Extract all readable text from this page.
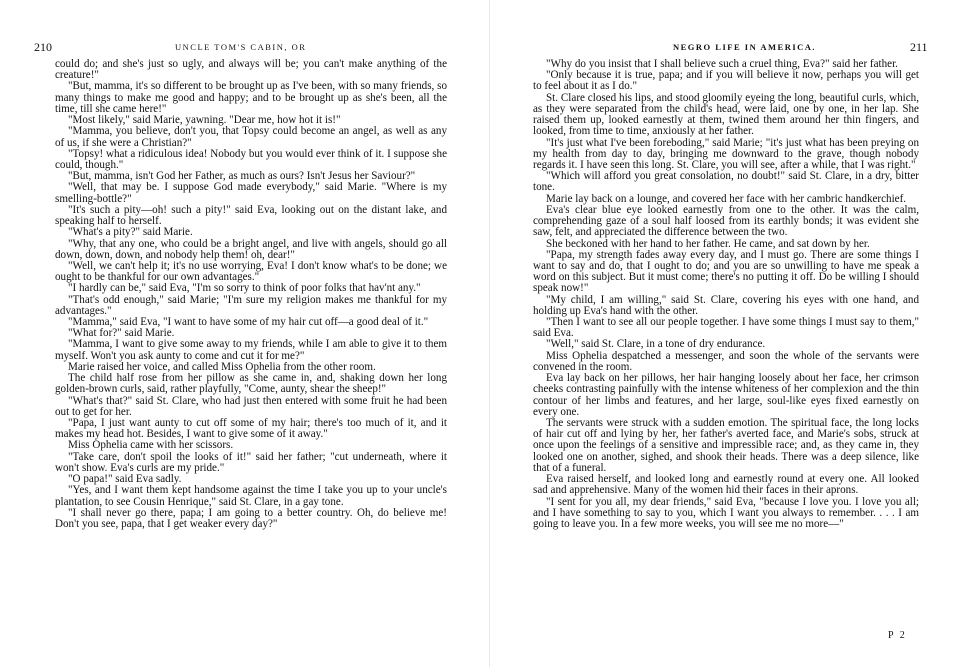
210	UNCLE TOM'S CABIN, OR

could do; and she's just so ugly, and always will be; you can't make anything of the creature!"

"But, mamma, it's so different to be brought up as I've been, with so many friends, so many things to make me good and happy; and to be brought up as she's been, all the time, till she came here!"

"Most likely," said Marie, yawning. "Dear me, how hot it is!"

"Mamma, you believe, don't you, that Topsy could become an angel, as well as any of us, if she were a Christian?"

"Topsy! what a ridiculous idea! Nobody but you would ever think of it. I suppose she could, though."

"But, mamma, isn't God her Father, as much as ours? Isn't Jesus her Saviour?"

"Well, that may be. I suppose God made everybody," said Marie. "Where is my smelling-bottle?"

"It's such a pity—oh! such a pity!" said Eva, looking out on the distant lake, and speaking half to herself.

"What's a pity?" said Marie.

"Why, that any one, who could be a bright angel, and live with angels, should go all down, down, down, and nobody help them! oh, dear!"

"Well, we can't help it; it's no use worrying, Eva! I don't know what's to be done; we ought to be thankful for our own advantages."

"I hardly can be," said Eva, "I'm so sorry to think of poor folks that hav'nt any."

"That's odd enough," said Marie; "I'm sure my religion makes me thankful for my advantages."

"Mamma," said Eva, "I want to have some of my hair cut off—a good deal of it."

"What for?" said Marie.

"Mamma, I want to give some away to my friends, while I am able to give it to them myself. Won't you ask aunty to come and cut it for me?"

Marie raised her voice, and called Miss Ophelia from the other room.

The child half rose from her pillow as she came in, and, shaking down her long golden-brown curls, said, rather playfully, "Come, aunty, shear the sheep!"

"What's that?" said St. Clare, who had just then entered with some fruit he had been out to get for her.

"Papa, I just want aunty to cut off some of my hair; there's too much of it, and it makes my head hot. Besides, I want to give some of it away."

Miss Ophelia came with her scissors.

"Take care, don't spoil the looks of it!" said her father; "cut underneath, where it won't show. Eva's curls are my pride."

"O papa!" said Eva sadly.

"Yes, and I want them kept handsome against the time I take you up to your uncle's plantation, to see Cousin Henrique," said St. Clare, in a gay tone.

"I shall never go there, papa; I am going to a better country. Oh, do believe me! Don't you see, papa, that I get weaker every day?"

NEGRO LIFE IN AMERICA.	211

"Why do you insist that I shall believe such a cruel thing, Eva?" said her father.

"Only because it is true, papa; and if you will believe it now, perhaps you will get to feel about it as I do."

St. Clare closed his lips, and stood gloomily eyeing the long, beautiful curls, which, as they were separated from the child's head, were laid, one by one, in her lap. She raised them up, looked earnestly at them, twined them around her thin fingers, and looked, from time to time, anxiously at her father.

"It's just what I've been foreboding," said Marie; "it's just what has been preying on my health from day to day, bringing me downward to the grave, though nobody regards it. I have seen this long. St. Clare, you will see, after a while, that I was right."

"Which will afford you great consolation, no doubt!" said St. Clare, in a dry, bitter tone.

Marie lay back on a lounge, and covered her face with her cambric handkerchief.

Eva's clear blue eye looked earnestly from one to the other. It was the calm, comprehending gaze of a soul half loosed from its earthly bonds; it was evident she saw, felt, and appreciated the difference between the two.

She beckoned with her hand to her father. He came, and sat down by her.

"Papa, my strength fades away every day, and I must go. There are some things I want to say and do, that I ought to do; and you are so unwilling to have me speak a word on this subject. But it must come; there's no putting it off. Do be willing I should speak now!"

"My child, I am willing," said St. Clare, covering his eyes with one hand, and holding up Eva's hand with the other.

"Then I want to see all our people together. I have some things I must say to them," said Eva.

"Well," said St. Clare, in a tone of dry endurance.

Miss Ophelia despatched a messenger, and soon the whole of the servants were convened in the room.

Eva lay back on her pillows, her hair hanging loosely about her face, her crimson cheeks contrasting painfully with the intense whiteness of her complexion and the thin contour of her limbs and features, and her large, soul-like eyes fixed earnestly on every one.

The servants were struck with a sudden emotion. The spiritual face, the long locks of hair cut off and lying by her, her father's averted face, and Marie's sobs, struck at once upon the feelings of a sensitive and impressible race; and, as they came in, they looked one on another, sighed, and shook their heads. There was a deep silence, like that of a funeral.

Eva raised herself, and looked long and earnestly round at every one. All looked sad and apprehensive. Many of the women hid their faces in their aprons.

"I sent for you all, my dear friends," said Eva, "because I love you. I love you all; and I have something to say to you, which I want you always to remember. . . . I am going to leave you. In a few more weeks, you will see me no more—"

P 2
